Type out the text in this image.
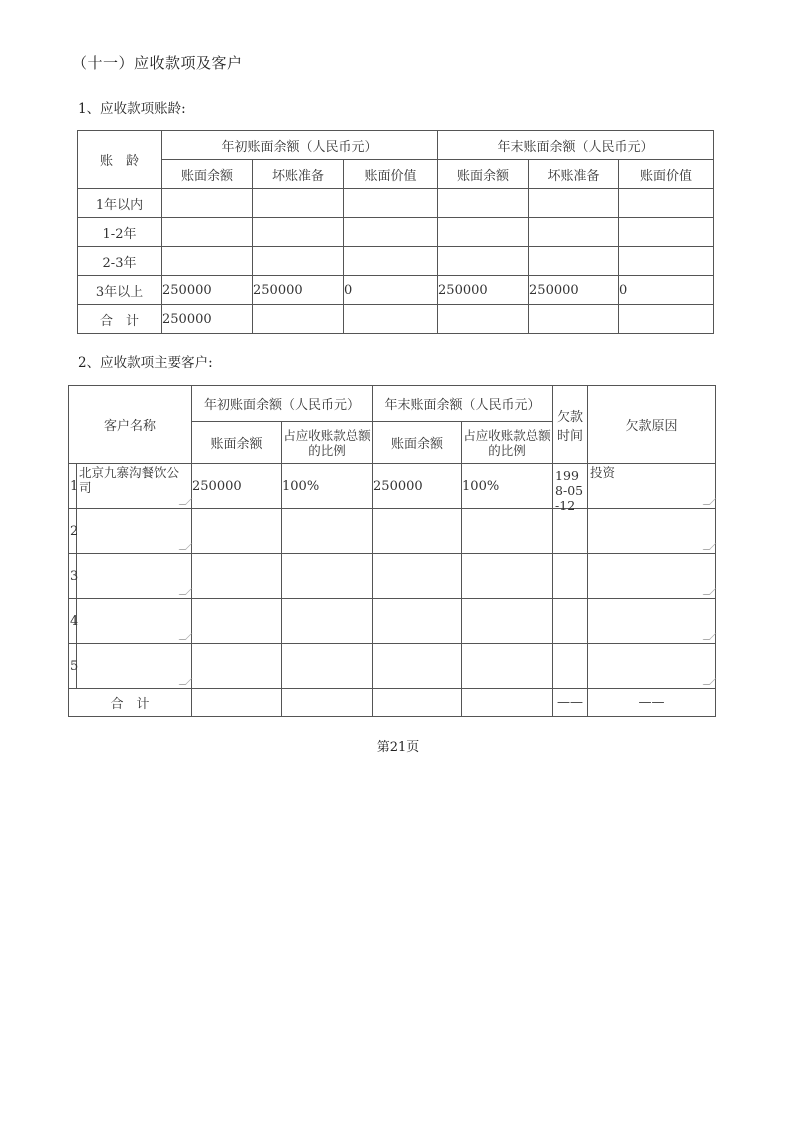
（十一）应收款项及客户
1、应收款项账龄:
账　龄	年初账面余额（人民币元）			年末账面余额（人民币元）		
	账面余额	坏账准备	账面价值	账面余额	坏账准备	账面价值
1年以内						
1-2年						
2-3年						
3年以上	250000	250000	0	250000	250000	0
合　计	250000					
2、应收款项主要客户:
客户名称		年初账面余额（人民币元）		年末账面余额（人民币元）		欠款时间	欠款原因
		账面余额	占应收账款总额的比例	账面余额	占应收账款总额的比例		
1	北京九寨沟餐饮公司	250000	100%	250000	100%	1998-05-12	投资

2	

3	

4	

5	

合　计						——	——
第21页
